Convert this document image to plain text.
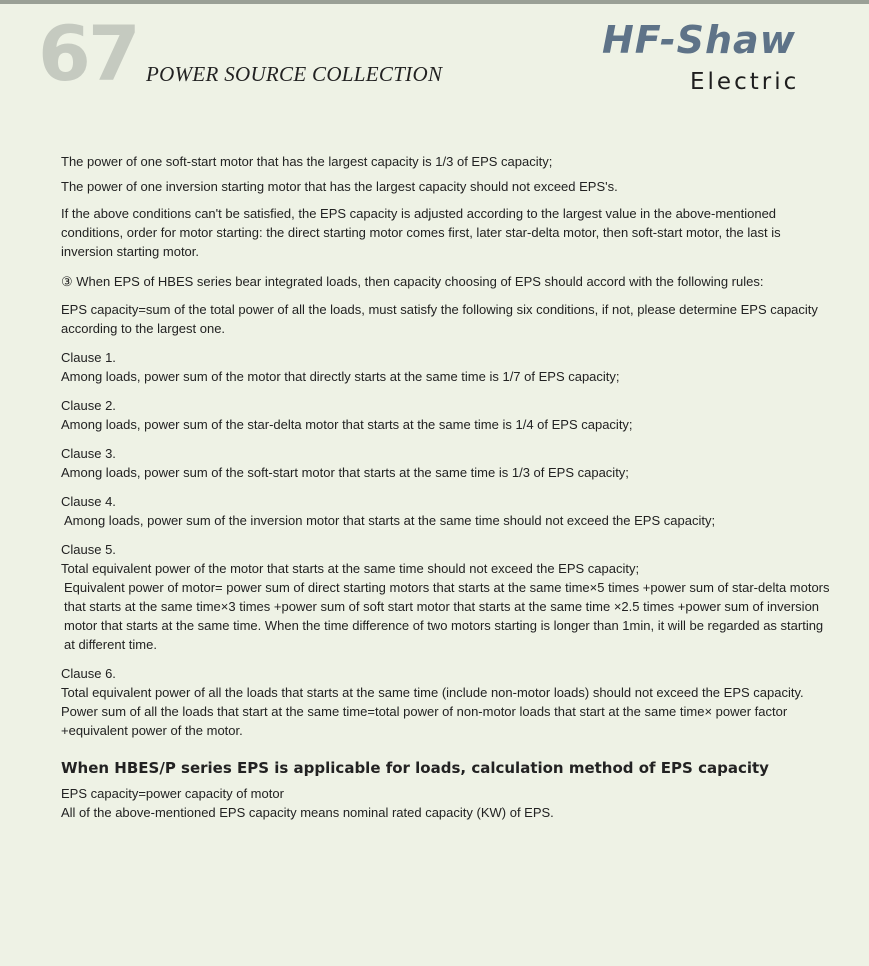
67 POWER SOURCE COLLECTION
HF-Shaw
Electric

The power of one soft-start motor that has the largest capacity is 1/3 of EPS capacity;

The power of one inversion starting motor that has the largest capacity should not exceed EPS's.

If the above conditions can't be satisfied, the EPS capacity is adjusted according to the largest value in the above-mentioned conditions, order for motor starting: the direct starting motor comes first, later star-delta motor, then soft-start motor, the last is inversion starting motor.

③ When EPS of HBES series bear integrated loads, then capacity choosing of EPS should accord with the following rules:

EPS capacity=sum of the total power of all the loads, must satisfy the following six conditions, if not, please determine EPS capacity according to the largest one.

Clause 1.
Among loads, power sum of the motor that directly starts at the same time is 1/7 of EPS capacity;
Clause 2.
Among loads, power sum of the star-delta motor that starts at the same time is 1/4 of EPS capacity;
Clause 3.
Among loads, power sum of the soft-start motor that starts at the same time is 1/3 of EPS capacity;
Clause 4.
Among loads, power sum of the inversion motor that starts at the same time should not exceed the EPS capacity;
Clause 5.
Total equivalent power of the motor that starts at the same time should not exceed the EPS capacity;
Equivalent power of motor= power sum of direct starting motors that starts at the same time×5 times +power sum of star-delta motors that starts at the same time×3 times +power sum of soft start motor that starts at the same time ×2.5 times +power sum of inversion motor that starts at the same time. When the time difference of two motors starting is longer than 1min, it will be regarded as starting at different time.
Clause 6.
Total equivalent power of all the loads that starts at the same time (include non-motor loads) should not exceed the EPS capacity.
Power sum of all the loads that start at the same time=total power of non-motor loads that start at the same time× power factor +equivalent power of the motor.

When HBES/P series EPS is applicable for loads, calculation method of EPS capacity

EPS capacity=power capacity of motor

All of the above-mentioned EPS capacity means nominal rated capacity (KW) of EPS.
